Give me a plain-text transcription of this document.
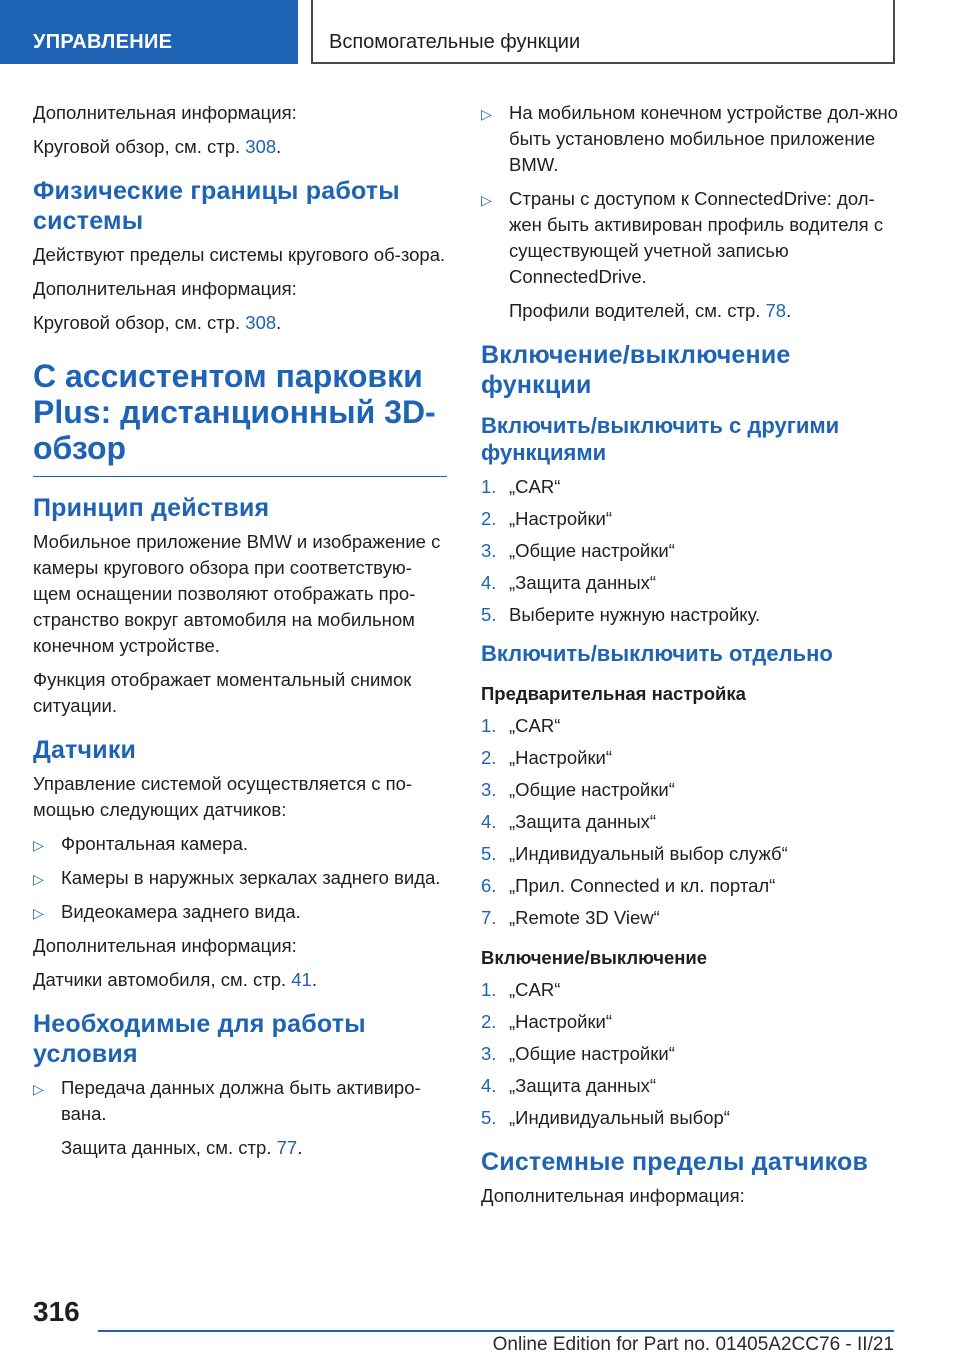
УПРАВЛЕНИЕ	Вспомогательные функции

Дополнительная информация:

Круговой обзор, см. стр. 308.

Физические границы работы системы

Действуют пределы системы кругового об-зора.

Дополнительная информация:

Круговой обзор, см. стр. 308.

С ассистентом парковки Plus: дистанционный 3D-обзор
Принцип действия

Мобильное приложение BMW и изображение с камеры кругового обзора при соответствую-щем оснащении позволяют отображать про-странство вокруг автомобиля на мобильном конечном устройстве.

Функция отображает моментальный снимок ситуации.

Датчики

Управление системой осуществляется с по-мощью следующих датчиков:

▷ Фронтальная камера.
▷ Камеры в наружных зеркалах заднего вида.
▷ Видеокамера заднего вида.

Дополнительная информация:

Датчики автомобиля, см. стр. 41.

Необходимые для работы условия
▷ Передача данных должна быть активиро-вана.

Защита данных, см. стр. 77.

▷ На мобильном конечном устройстве дол-жно быть установлено мобильное приложение BMW.
▷ Страны с доступом к ConnectedDrive: дол-жен быть активирован профиль водителя с существующей учетной записью ConnectedDrive.

Профили водителей, см. стр. 78.

Включение/выключение функции
Включить/выключить с другими функциями
1. „CAR“
2. „Настройки“
3. „Общие настройки“
4. „Защита данных“
5. Выберите нужную настройку.
Включить/выключить отдельно
Предварительная настройка
1. „CAR“
2. „Настройки“
3. „Общие настройки“
4. „Защита данных“
5. „Индивидуальный выбор служб“
6. „Прил. Connected и кл. портал“
7. „Remote 3D View“
Включение/выключение
1. „CAR“
2. „Настройки“
3. „Общие настройки“
4. „Защита данных“
5. „Индивидуальный выбор“
Системные пределы датчиков

Дополнительная информация:

316
Online Edition for Part no. 01405A2CC76 - II/21
